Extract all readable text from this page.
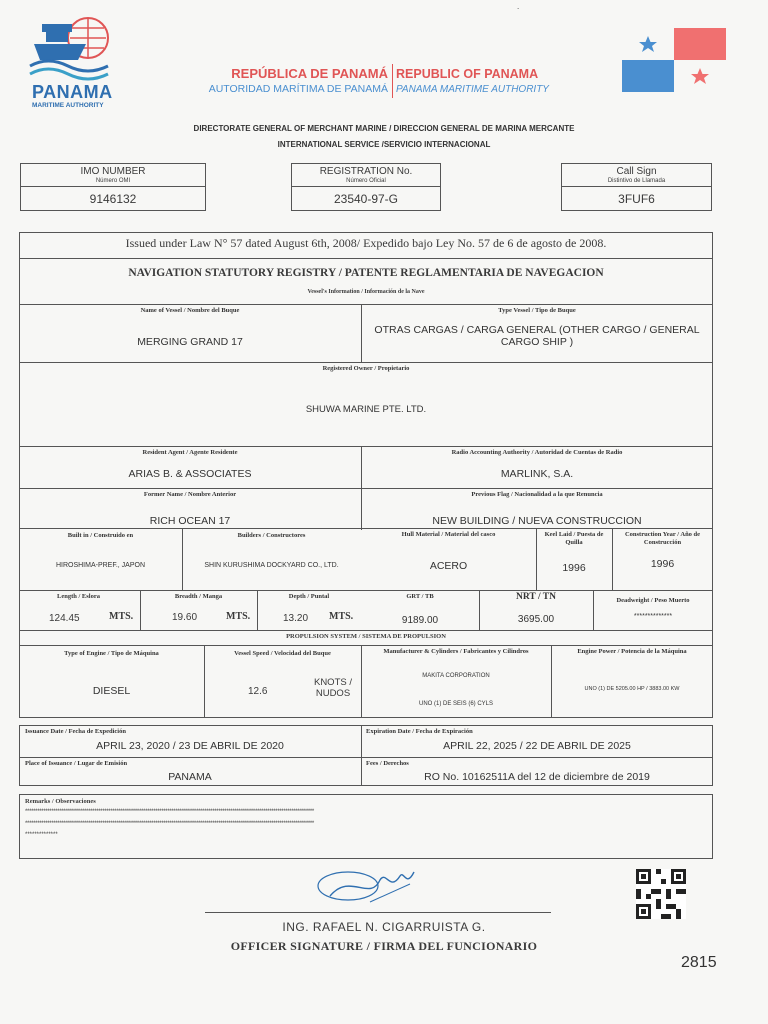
.
PANAMA
MARITIME AUTHORITY
REPÚBLICA DE PANAMÁ REPUBLIC OF PANAMA
AUTORIDAD MARÍTIMA DE PANAMÁ PANAMA MARITIME AUTHORITY
DIRECTORATE GENERAL OF MERCHANT MARINE / DIRECCION GENERAL DE MARINA MERCANTE
INTERNATIONAL SERVICE /SERVICIO INTERNACIONAL
IMO NUMBER
Número OMI
9146132
REGISTRATION No.
Número Oficial
23540-97-G
Call Sign
Distintivo de Llamada
3FUF6
Issued under Law N° 57 dated August 6th, 2008/ Expedido bajo Ley No. 57 de 6 de agosto de 2008.
NAVIGATION STATUTORY REGISTRY / PATENTE REGLAMENTARIA DE NAVEGACION
Vessel's Information / Información de la Nave
Name of Vessel / Nombre del Buque
MERGING GRAND 17
Type Vessel / Tipo de Buque
OTRAS CARGAS / CARGA GENERAL (OTHER CARGO / GENERAL CARGO SHIP )
Registered Owner / Propietario
SHUWA MARINE PTE. LTD.
Resident Agent / Agente Residente
ARIAS B. & ASSOCIATES
Radio Accounting Authority / Autoridad de Cuentas de Radio
MARLINK, S.A.
Former Name / Nombre Anterior
RICH OCEAN 17
Previous Flag / Nacionalidad a la que Renuncia
NEW BUILDING / NUEVA CONSTRUCCION
Built in / Construido en
HIROSHIMA-PREF., JAPON
Builders / Constructores
SHIN KURUSHIMA DOCKYARD CO., LTD.
Hull Material / Material del casco
ACERO
Keel Laid / Puesta de Quilla
1996
Construction Year / Año de Construcción
1996
Length / Eslora
124.45	MTS.
Breadth / Manga
19.60	MTS.
Depth / Puntal
13.20 MTS.
GRT / TB
9189.00
NRT / TN
3695.00
Deadweight / Peso Muerto
**************
PROPULSION SYSTEM / SISTEMA DE PROPULSION
Type of Engine / Tipo de Máquina
DIESEL
Vessel Speed / Velocidad del Buque
12.6
KNOTS / NUDOS
Manufacturer & Cylinders / Fabricantes y Cilindros
MAKITA CORPORATION
UNO (1) DE SEIS (6) CYLS
Engine Power / Potencia de la Máquina
UNO (1) DE 5205.00 HP / 3883.00 KW
Issuance Date / Fecha de Expedición
APRIL 23, 2020 / 23 DE ABRIL DE 2020
Expiration Date / Fecha de Expiración
APRIL 22, 2025 / 22 DE ABRIL DE 2025
Place of Issuance / Lugar de Emisión
PANAMA
Fees / Derechos
RO No. 10162511A del 12 de diciembre de 2019
Remarks / Observaciones
**********************************************************************************************************************************************
**********************************************************************************************************************************************
**************
ING. RAFAEL N. CIGARRUISTA G.
OFFICER SIGNATURE / FIRMA DEL FUNCIONARIO
2815
